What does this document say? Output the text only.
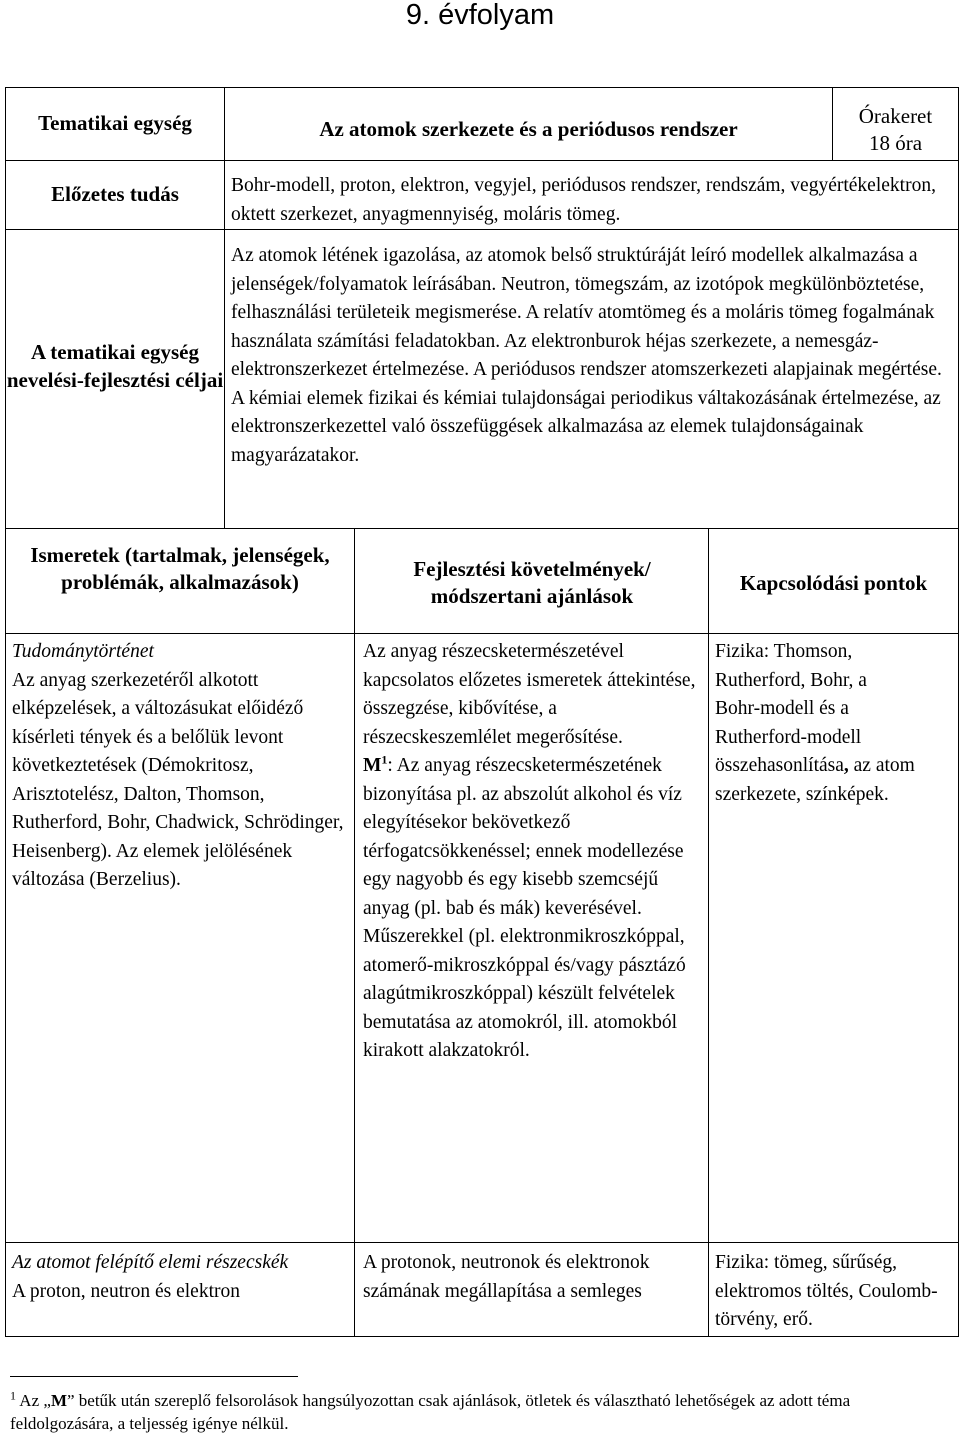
9. évfolyam
Tematikai egység	Az atomok szerkezete és a periódusos rendszer
Órakeret
18 óra
Előzetes tudás	Bohr-modell, proton, elektron, vegyjel, periódusos rendszer, rendszám, vegyértékelektron, oktett szerkezet, anyagmennyiség, moláris tömeg.
A tematikai egység nevelési-fejlesztési céljai
Az atomok létének igazolása, az atomok belső struktúráját leíró modellek alkalmazása a jelenségek/folyamatok leírásában. Neutron, tömegszám, az izotópok megkülönböztetése, felhasználási területeik megismerése. A relatív atomtömeg és a moláris tömeg fogalmának használata számítási feladatokban. Az elektronburok héjas szerkezete, a nemesgáz-elektronszerkezet értelmezése. A periódusos rendszer atomszerkezeti alapjainak megértése. A kémiai elemek fizikai és kémiai tulajdonságai periodikus váltakozásának értelmezése, az elektronszerkezettel való összefüggések alkalmazása az elemek tulajdonságainak magyarázatakor.
Ismeretek (tartalmak, jelenségek, problémák, alkalmazások)
Fejlesztési követelmények/ módszertani ajánlások
Kapcsolódási pontok
Tudománytörténet
Az anyag szerkezetéről alkotott elképzelések, a változásukat előidéző kísérleti tények és a belőlük levont következtetések (Démokritosz, Arisztotelész, Dalton, Thomson, Rutherford, Bohr, Chadwick, Schrödinger, Heisenberg). Az elemek jelölésének változása (Berzelius).
Az anyag részecsketermészetével kapcsolatos előzetes ismeretek áttekintése, összegzése, kibővítése, a részecskeszemlélet megerősítése.
$M^1$: Az anyag részecsketermészetének bizonyítása pl. az abszolút alkohol és víz elegyítésekor bekövetkező térfogatcsökkenéssel; ennek modellezése egy nagyobb és egy kisebb szemcséjű anyag (pl. bab és mák) keverésével. Műszerekkel (pl. elektronmikroszkóppal, atomerő-mikroszkóppal és/vagy pásztázó alagútmikroszkóppal) készült felvételek bemutatása az atomokról, ill. atomokból kirakott alakzatokról.
Fizika: Thomson, Rutherford, Bohr, a Bohr-modell és a Rutherford-modell összehasonlítása, az atom szerkezete, színképek.
Az atomot felépítő elemi részecskék
A proton, neutron és elektron
A protonok, neutronok és elektronok számának megállapítása a semleges
Fizika: tömeg, sűrűség, elektromos töltés, Coulomb-törvény, erő.
$^1$ Az „M” betűk után szereplő felsorolások hangsúlyozottan csak ajánlások, ötletek és választható lehetőségek az adott téma feldolgozására, a teljesség igénye nélkül.
